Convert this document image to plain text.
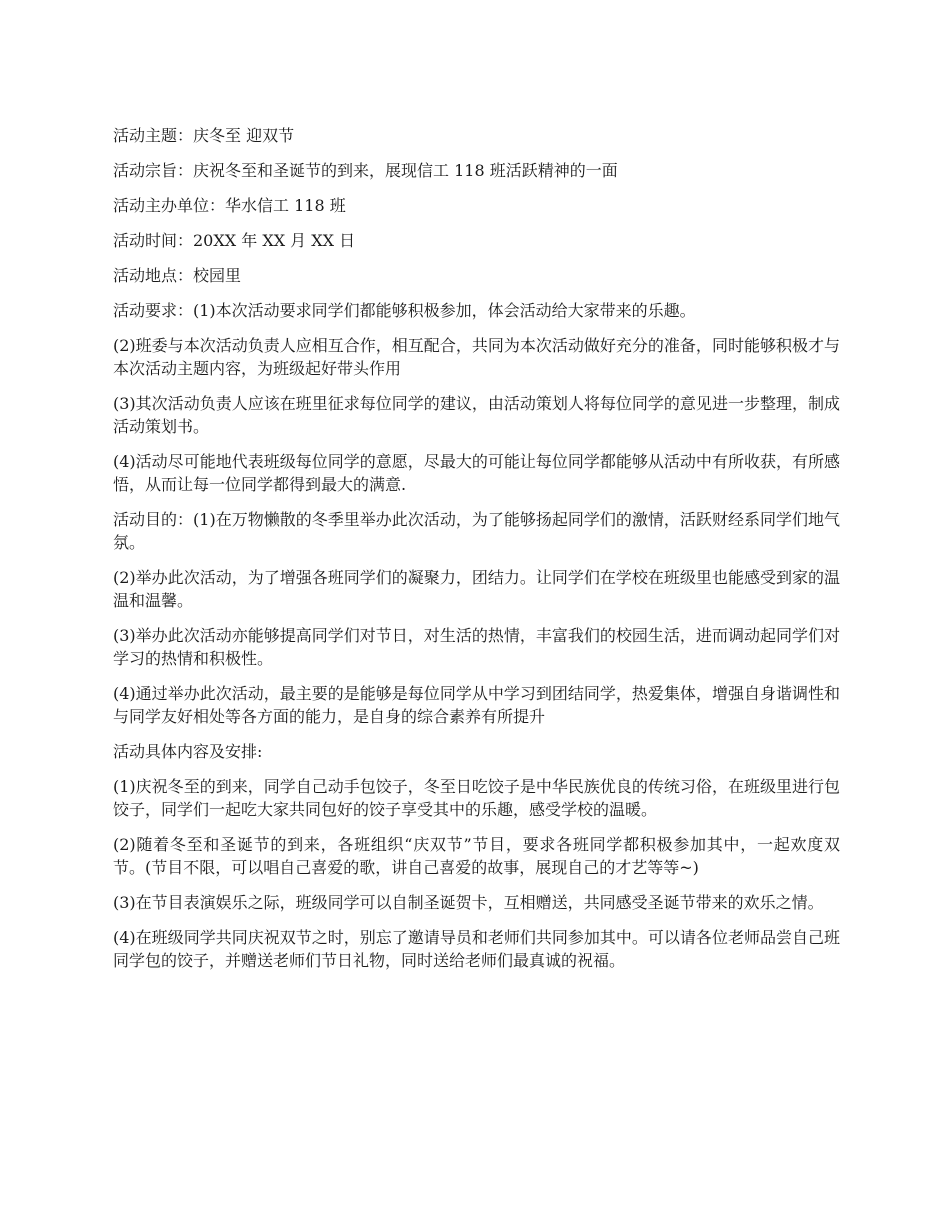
活动主题：庆冬至 迎双节

活动宗旨：庆祝冬至和圣诞节的到来，展现信工 118 班活跃精神的一面

活动主办单位：华水信工 118 班

活动时间：20XX 年 XX 月 XX 日

活动地点：校园里

活动要求：(1)本次活动要求同学们都能够积极参加，体会活动给大家带来的乐趣。

(2)班委与本次活动负责人应相互合作，相互配合，共同为本次活动做好充分的准备，同时能够积极才与本次活动主题内容，为班级起好带头作用

(3)其次活动负责人应该在班里征求每位同学的建议，由活动策划人将每位同学的意见进一步整理，制成活动策划书。

(4)活动尽可能地代表班级每位同学的意愿，尽最大的可能让每位同学都能够从活动中有所收获，有所感悟，从而让每一位同学都得到最大的满意.

活动目的：(1)在万物懒散的冬季里举办此次活动，为了能够扬起同学们的激情，活跃财经系同学们地气氛。

(2)举办此次活动，为了增强各班同学们的凝聚力，团结力。让同学们在学校在班级里也能感受到家的温温和温馨。

(3)举办此次活动亦能够提高同学们对节日，对生活的热情，丰富我们的校园生活，进而调动起同学们对学习的热情和积极性。

(4)通过举办此次活动，最主要的是能够是每位同学从中学习到团结同学，热爱集体，增强自身谐调性和与同学友好相处等各方面的能力，是自身的综合素养有所提升

活动具体内容及安排:

(1)庆祝冬至的到来，同学自己动手包饺子，冬至日吃饺子是中华民族优良的传统习俗，在班级里进行包饺子，同学们一起吃大家共同包好的饺子享受其中的乐趣，感受学校的温暖。

(2)随着冬至和圣诞节的到来，各班组织“庆双节”节目，要求各班同学都积极参加其中，一起欢度双节。(节目不限，可以唱自己喜爱的歌，讲自己喜爱的故事，展现自己的才艺等等~)

(3)在节目表演娱乐之际，班级同学可以自制圣诞贺卡，互相赠送，共同感受圣诞节带来的欢乐之情。

(4)在班级同学共同庆祝双节之时，别忘了邀请导员和老师们共同参加其中。可以请各位老师品尝自己班同学包的饺子，并赠送老师们节日礼物，同时送给老师们最真诚的祝福。
